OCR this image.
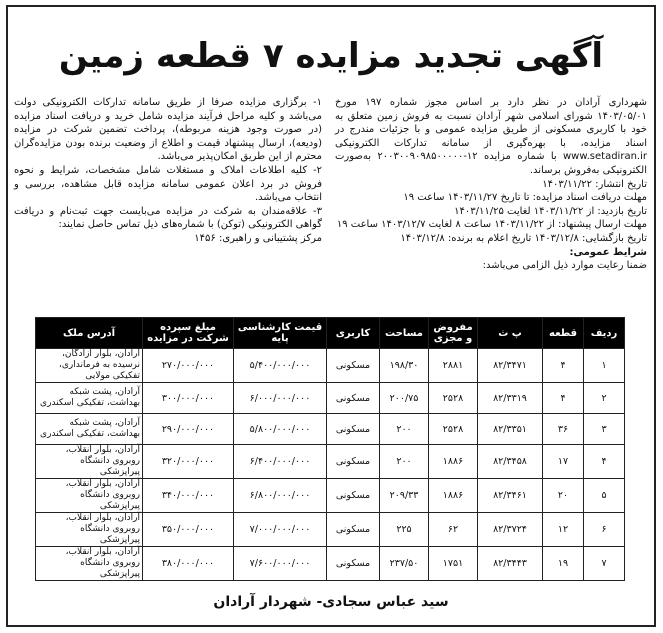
آگهی تجدید مزایده ۷ قطعه زمین

شهرداری آرادان در نظر دارد بر اساس مجوز شماره ۱۹۷ مورخ ۱۴۰۳/۰۵/۰۱ شورای اسلامی شهر آرادان نسبت به فروش زمین متعلق به خود با کاربری مسکونی از طریق مزایده عمومی و با جزئیات مندرج در اسناد مزایده، با بهره‌گیری از سامانه تدارکات الکترونیکی www.setadiran.ir با شماره مزایده ۱۲-۲۰۰۳۰۰۹۰۹۸۵۰۰۰۰۰ به‌صورت الکترونیکی به‌فروش برساند.

تاریخ انتشار: ۱۴۰۳/۱۱/۲۲

مهلت دریافت اسناد مزایده: تا تاریخ ۱۴۰۳/۱۱/۲۷ ساعت ۱۹

تاریخ بازدید: از ۱۴۰۳/۱۱/۲۲ لغایت ۱۴۰۳/۱۱/۲۵

مهلت ارسال پیشنهاد: از ۱۴۰۳/۱۱/۲۲ ساعت ۸ لغایت ۱۴۰۳/۱۲/۷ ساعت ۱۹

تاریخ بازگشایی: ۱۴۰۳/۱۲/۸ تاریخ اعلام به برنده: ۱۴۰۳/۱۲/۸

شرایط عمومی:

ضمنا رعایت موارد ذیل الزامی می‌باشد:

۱- برگزاری مزایده صرفا از طریق سامانه تدارکات الکترونیکی دولت می‌باشد و کلیه مراحل فرآیند مزایده شامل خرید و دریافت اسناد مزایده (در صورت وجود هزینه مربوطه)، پرداخت تضمین شرکت در مزایده (ودیعه)، ارسال پیشنهاد قیمت و اطلاع از وضعیت برنده بودن مزایده‌گران محترم از این طریق امکان‌پذیر می‌باشد.

۲- کلیه اطلاعات املاک و مستغلات شامل مشخصات، شرایط و نحوه فروش در برد اعلان عمومی سامانه مزایده قابل مشاهده، بررسی و انتخاب می‌باشد.

۳- علاقه‌مندان به شرکت در مزایده می‌بایست جهت ثبت‌نام و دریافت گواهی الکترونیکی (توکن) با شماره‌های ذیل تماس حاصل نمایند:

مرکز پشتیبانی و راهبری: ۱۴۵۶

ردیف	قطعه	پ ث	مفروض و مجزی	مساحت	کاربری	قیمت کارشناسی پایه	مبلغ سپرده شرکت در مزایده	آدرس ملک
۱	۴	۸۲/۳۴۷۱	۲۸۸۱	۱۹۸/۳۰	مسکونی	۵/۴۰۰/۰۰۰/۰۰۰	۲۷۰/۰۰۰/۰۰۰	آرادان، بلوار ازادگان، نرسیده به فرمانداری، تفکیکی مولایی
۲	۴	۸۲/۳۳۱۹	۲۵۲۸	۲۰۰/۷۵	مسکونی	۶/۰۰۰/۰۰۰/۰۰۰	۳۰۰/۰۰۰/۰۰۰	آرادان، پشت شبکه بهداشت، تفکیکی اسکندری
۳	۳۶	۸۲/۳۳۵۱	۲۵۲۸	۲۰۰	مسکونی	۵/۸۰۰/۰۰۰/۰۰۰	۲۹۰/۰۰۰/۰۰۰	آرادان، پشت شبکه بهداشت، تفکیکی اسکندری
۴	۱۷	۸۲/۳۴۵۸	۱۸۸۶	۲۰۰	مسکونی	۶/۴۰۰/۰۰۰/۰۰۰	۳۲۰/۰۰۰/۰۰۰	آرادان، بلوار انقلاب، روبروی دانشگاه پیراپزشکی
۵	۲۰	۸۲/۳۴۶۱	۱۸۸۶	۲۰۹/۳۳	مسکونی	۶/۸۰۰/۰۰۰/۰۰۰	۳۴۰/۰۰۰/۰۰۰	آرادان، بلوار انقلاب، روبروی دانشگاه پیراپزشکی
۶	۱۲	۸۲/۳۷۲۴	۶۲	۲۲۵	مسکونی	۷/۰۰۰/۰۰۰/۰۰۰	۳۵۰/۰۰۰/۰۰۰	آرادان، بلوار انقلاب، روبروی دانشگاه پیراپزشکی
۷	۱۹	۸۲/۳۴۴۳	۱۷۵۱	۲۳۷/۵۰	مسکونی	۷/۶۰۰/۰۰۰/۰۰۰	۳۸۰/۰۰۰/۰۰۰	آرادان، بلوار انقلاب، روبروی دانشگاه پیراپزشکی
سید عباس سجادی- شهردار آرادان
